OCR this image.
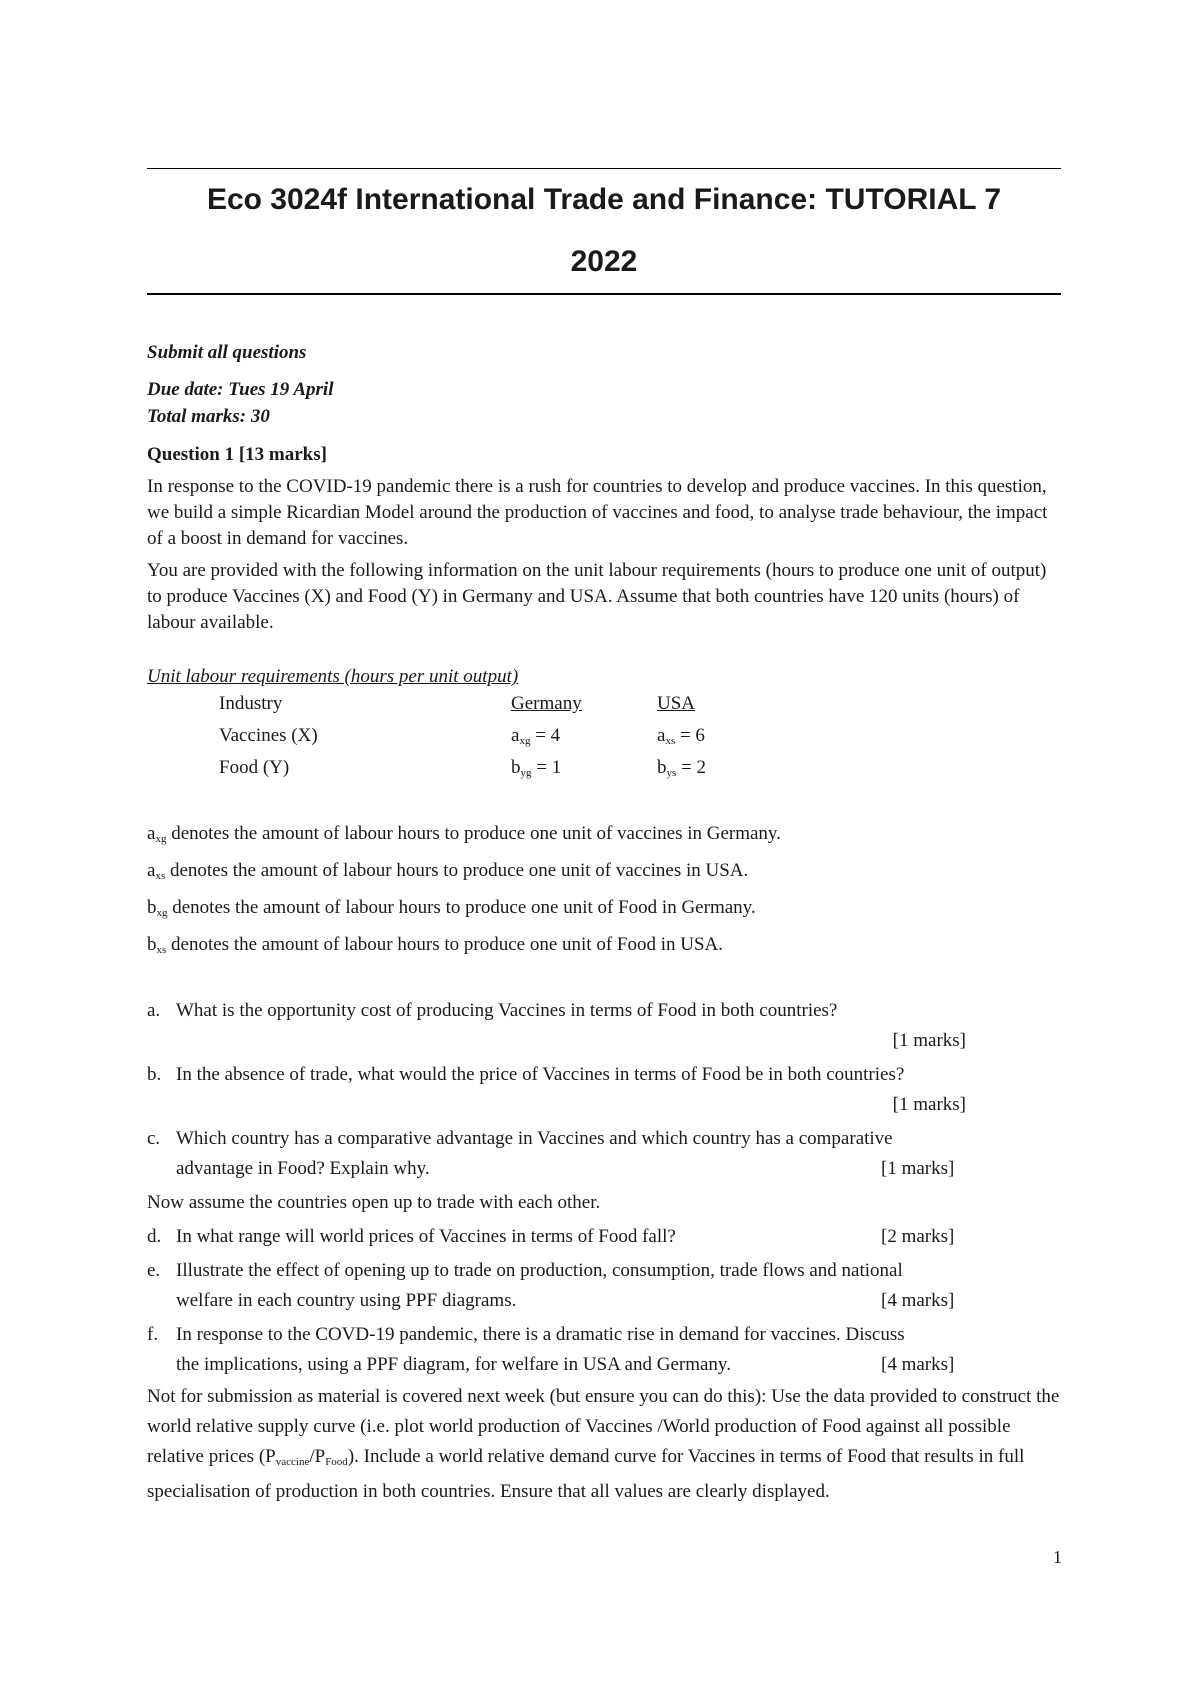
Eco 3024f International Trade and Finance: TUTORIAL 7
2022
Submit all questions
Due date: Tues 19 April
Total marks: 30
Question 1 [13 marks]

In response to the COVID-19 pandemic there is a rush for countries to develop and produce vaccines. In this question, we build a simple Ricardian Model around the production of vaccines and food, to analyse trade behaviour, the impact of a boost in demand for vaccines.

You are provided with the following information on the unit labour requirements (hours to produce one unit of output) to produce Vaccines (X) and Food (Y) in Germany and USA. Assume that both countries have 120 units (hours) of labour available.

Unit labour requirements (hours per unit output)
Industry	Germany	USA
Vaccines (X)	$a_{xg} = 4$	$a_{xs} = 6$
Food (Y)	$b_{yg} = 1$	$b_{ys} = 2$
$a_{xg}$ denotes the amount of labour hours to produce one unit of vaccines in Germany.
$a_{xs}$ denotes the amount of labour hours to produce one unit of vaccines in USA.
$b_{xg}$ denotes the amount of labour hours to produce one unit of Food in Germany.
$b_{xs}$ denotes the amount of labour hours to produce one unit of Food in USA.
a. What is the opportunity cost of producing Vaccines in terms of Food in both countries?
[1 marks]
b. In the absence of trade, what would the price of Vaccines in terms of Food be in both countries?
[1 marks]
c. Which country has a comparative advantage in Vaccines and which country has a comparative
advantage in Food? Explain why.	[1 marks]
Now assume the countries open up to trade with each other.
d. In what range will world prices of Vaccines in terms of Food fall?	[2 marks]
e. Illustrate the effect of opening up to trade on production, consumption, trade flows and national
welfare in each country using PPF diagrams.	[4 marks]
f. In response to the COVD-19 pandemic, there is a dramatic rise in demand for vaccines. Discuss
the implications, using a PPF diagram, for welfare in USA and Germany.	[4 marks]

Not for submission as material is covered next week (but ensure you can do this): Use the data provided to construct the world relative supply curve (i.e. plot world production of Vaccines /World production of Food against all possible relative prices $(P_{vaccine}/P_{Food})$. Include a world relative demand curve for Vaccines in terms of Food that results in full specialisation of production in both countries. Ensure that all values are clearly displayed.

1
